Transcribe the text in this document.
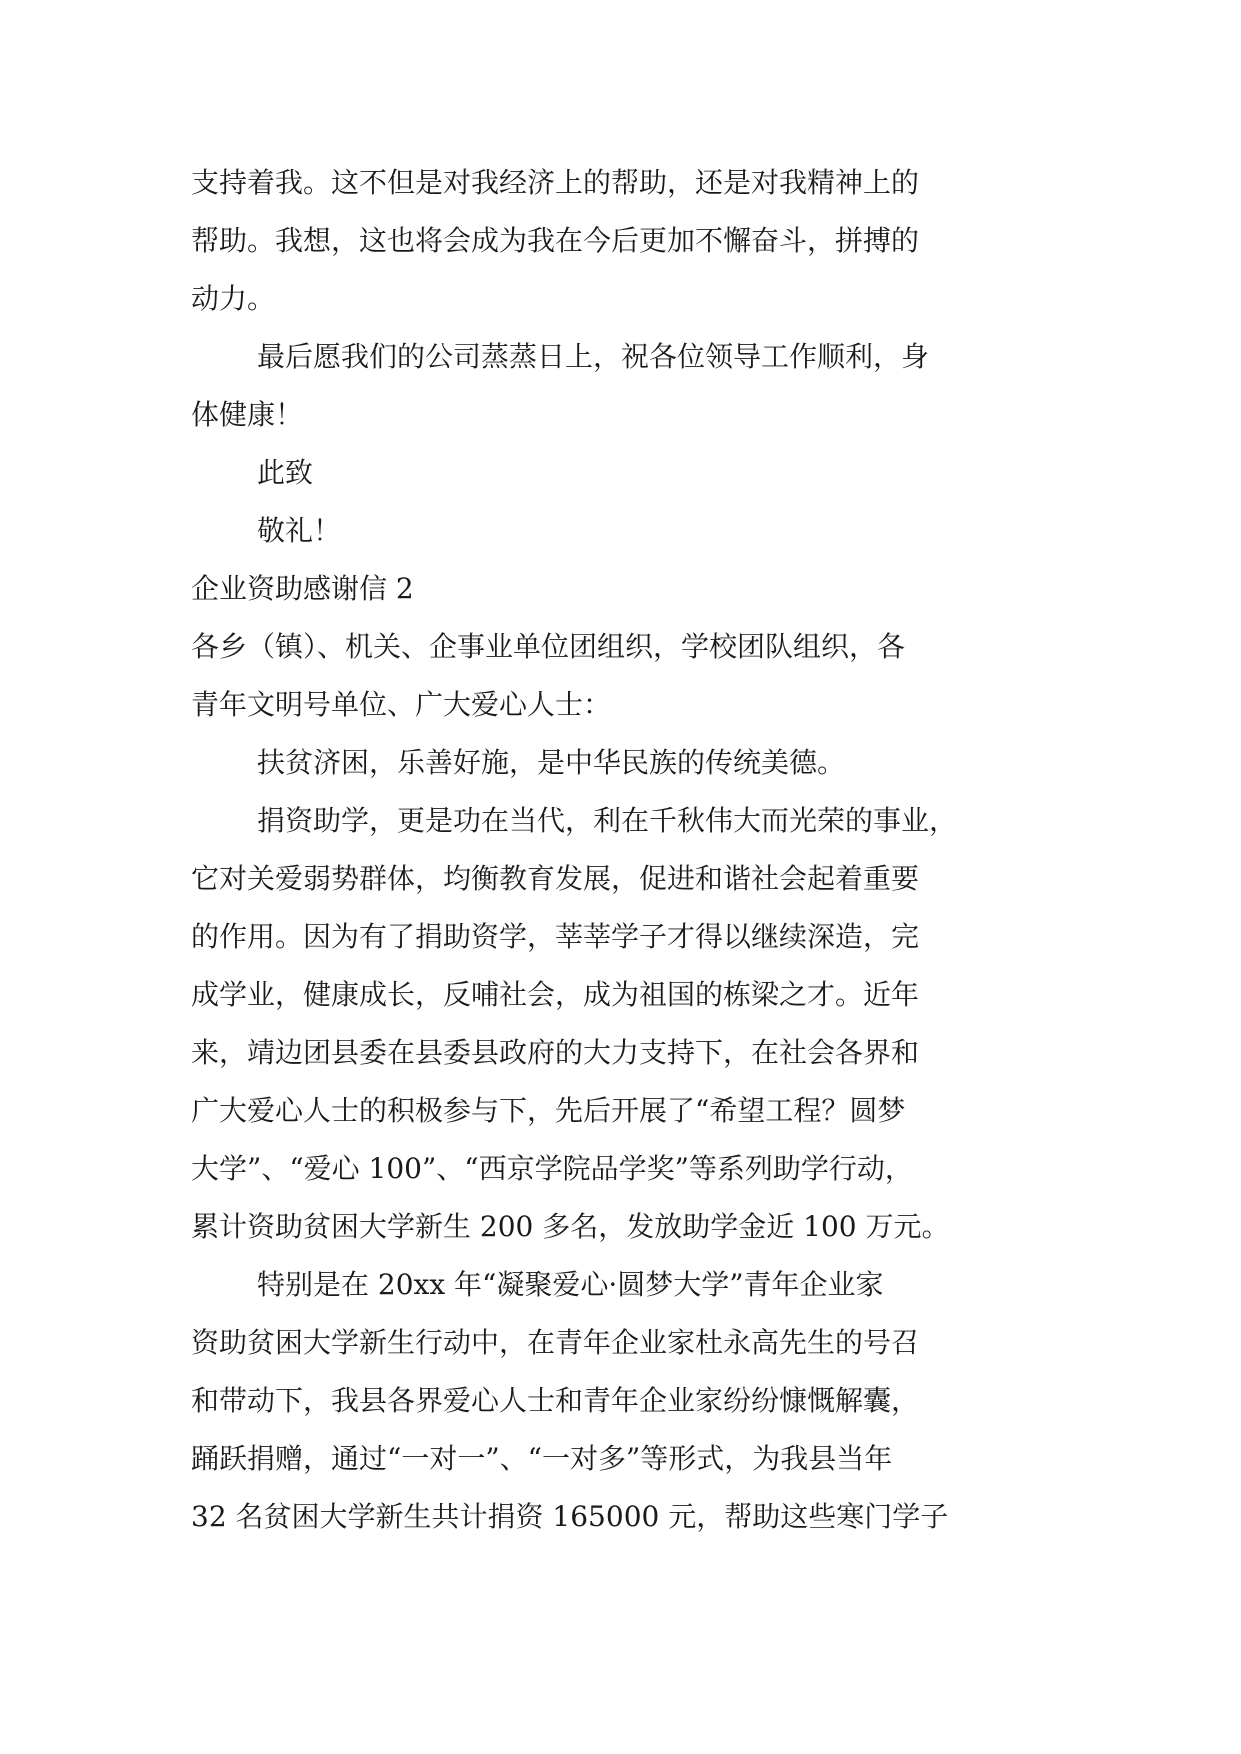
支持着我。这不但是对我经济上的帮助，还是对我精神上的
帮助。我想，这也将会成为我在今后更加不懈奋斗，拼搏的
动力。
最后愿我们的公司蒸蒸日上，祝各位领导工作顺利，身
体健康！
此致
敬礼！
企业资助感谢信 2
各乡（镇）、机关、企事业单位团组织，学校团队组织，各
青年文明号单位、广大爱心人士：
扶贫济困，乐善好施，是中华民族的传统美德。
捐资助学，更是功在当代，利在千秋伟大而光荣的事业，
它对关爱弱势群体，均衡教育发展，促进和谐社会起着重要
的作用。因为有了捐助资学，莘莘学子才得以继续深造，完
成学业，健康成长，反哺社会，成为祖国的栋梁之才。近年
来，靖边团县委在县委县政府的大力支持下，在社会各界和
广大爱心人士的积极参与下，先后开展了“希望工程？圆梦
大学”、“爱心 100”、“西京学院品学奖”等系列助学行动，
累计资助贫困大学新生 200 多名，发放助学金近 100 万元。
特别是在 20xx 年“凝聚爱心·圆梦大学”青年企业家
资助贫困大学新生行动中，在青年企业家杜永高先生的号召
和带动下，我县各界爱心人士和青年企业家纷纷慷慨解囊，
踊跃捐赠，通过“一对一”、“一对多”等形式，为我县当年
32 名贫困大学新生共计捐资 165000 元，帮助这些寒门学子
